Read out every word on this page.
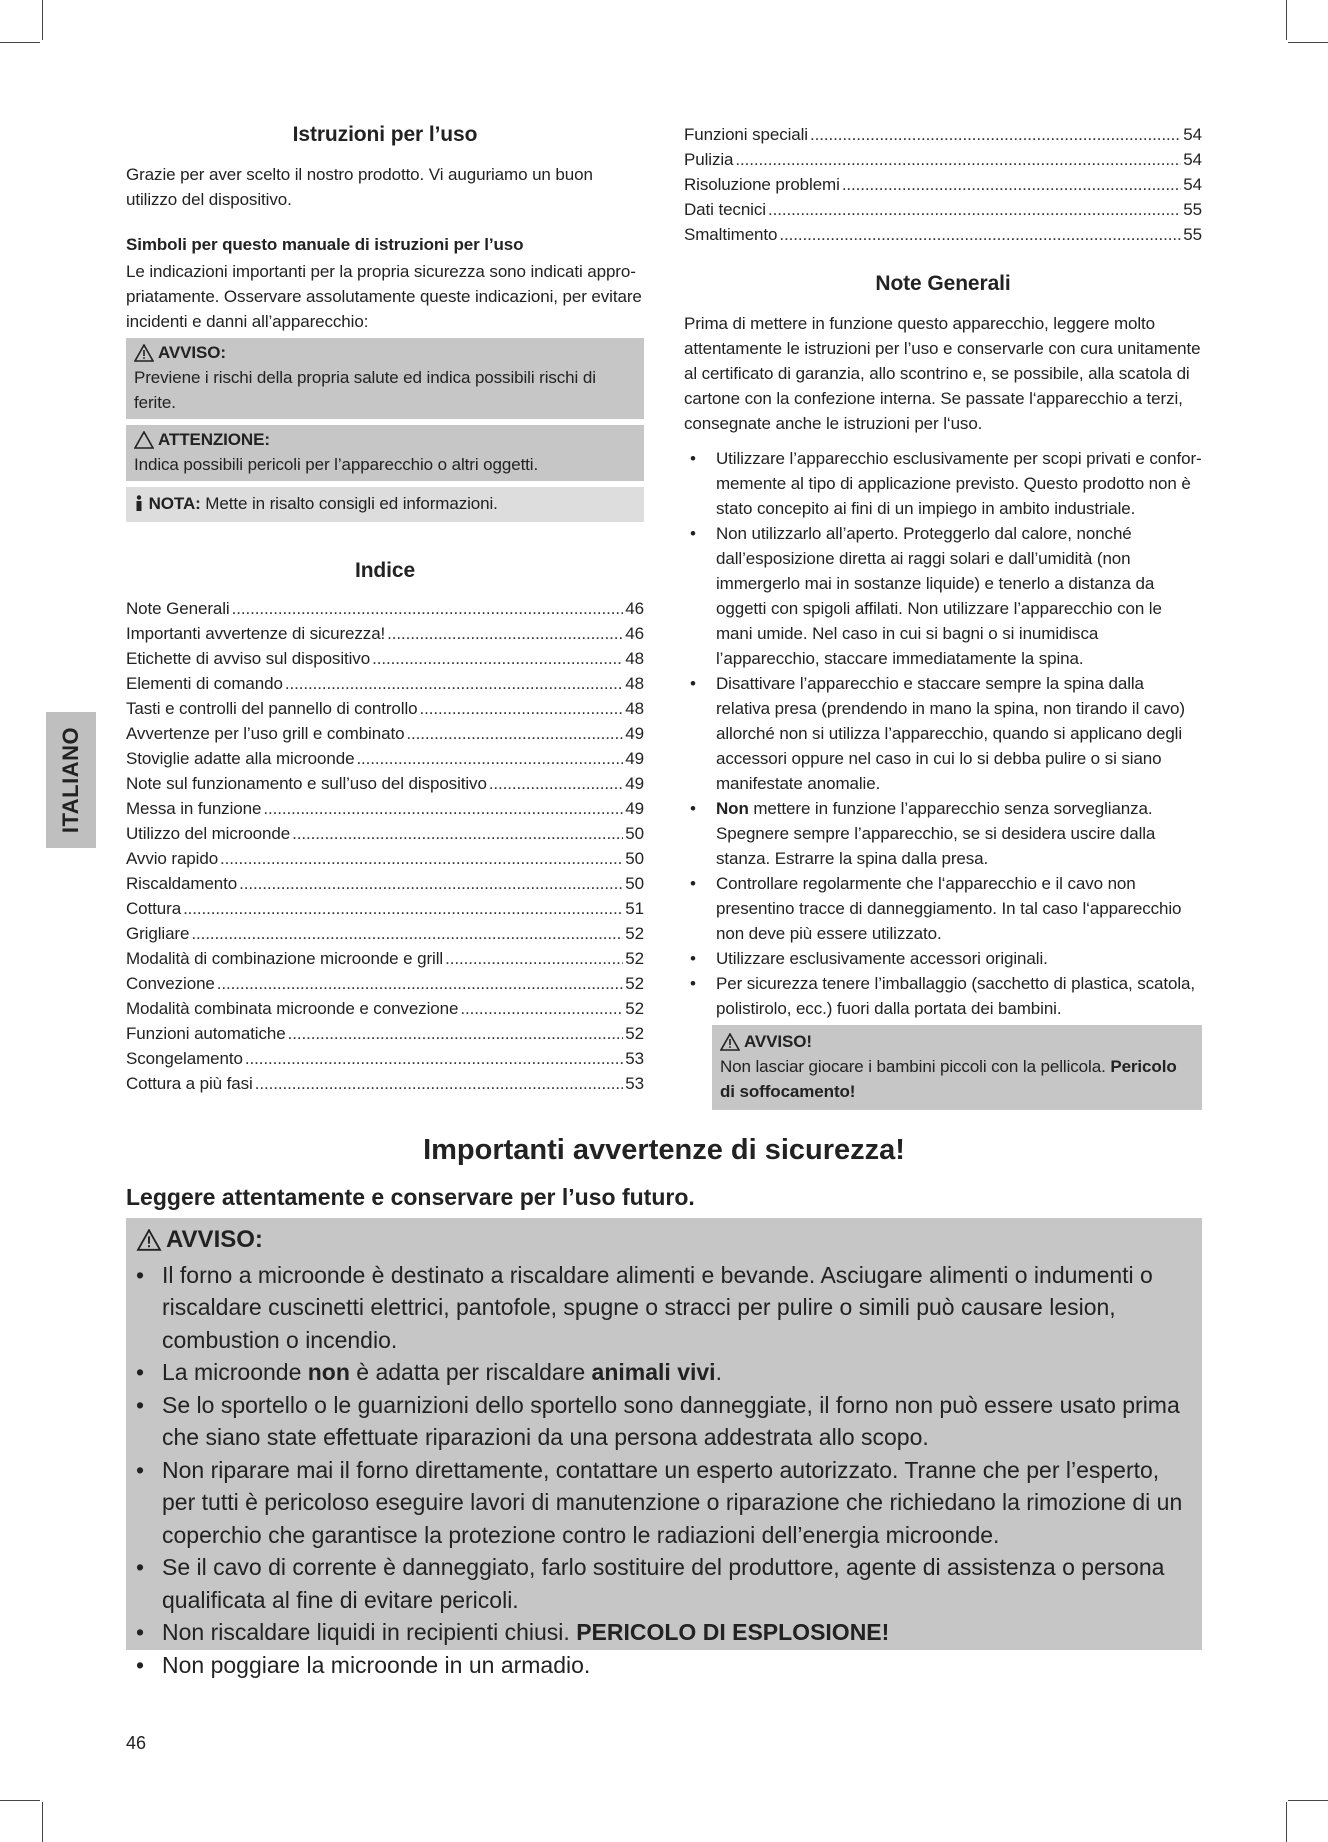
ITALIANO
Istruzioni per l’uso

Grazie per aver scelto il nostro prodotto. Vi auguriamo un buon utilizzo del dispositivo.

Simboli per questo manuale di istruzioni per l’uso

Le indicazioni importanti per la propria sicurezza sono indicati appropriatamente. Osservare assolutamente queste indicazioni, per evitare incidenti e danni all’apparecchio:

AVVISO:
Previene i rischi della propria salute ed indica possibili rischi di ferite.
ATTENZIONE:
Indica possibili pericoli per l’apparecchio o altri oggetti.
NOTA: Mette in risalto consigli ed informazioni.
Indice
Note Generali .....	46
Importanti avvertenze di sicurezza! .....	46
Etichette di avviso sul dispositivo .....	48
Elementi di comando .....	48
Tasti e controlli del pannello di controllo .....	48
Avvertenze per l’uso grill e combinato .....	49
Stoviglie adatte alla microonde .....	49
Note sul funzionamento e sull’uso del dispositivo .....	49
Messa in funzione .....	49
Utilizzo del microonde .....	50
Avvio rapido .....	50
Riscaldamento .....	50
Cottura .....	51
Grigliare .....	52
Modalità di combinazione microonde e grill .....	52
Convezione .....	52
Modalità combinata microonde e convezione .....	52
Funzioni automatiche .....	52
Scongelamento .....	53
Cottura a più fasi .....	53
Funzioni speciali .....	54
Pulizia .....	54
Risoluzione problemi .....	54
Dati tecnici .....	55
Smaltimento .....	55
Note Generali

Prima di mettere in funzione questo apparecchio, leggere molto attentamente le istruzioni per l’uso e conservarle con cura unitamente al certificato di garanzia, allo scontrino e, se possibile, alla scatola di cartone con la confezione interna. Se passate l‘apparecchio a terzi, consegnate anche le istruzioni per l‘uso.

• Utilizzare l’apparecchio esclusivamente per scopi privati e conformemente al tipo di applicazione previsto. Questo prodotto non è stato concepito ai fini di un impiego in ambito industriale.
• Non utilizzarlo all’aperto. Proteggerlo dal calore, nonché dall’esposizione diretta ai raggi solari e dall’umidità (non immergerlo mai in sostanze liquide) e tenerlo a distanza da oggetti con spigoli affilati. Non utilizzare l’apparecchio con le mani umide. Nel caso in cui si bagni o si inumidisca l’apparecchio, staccare immediatamente la spina.
• Disattivare l’apparecchio e staccare sempre la spina dalla relativa presa (prendendo in mano la spina, non tirando il cavo) allorché non si utilizza l’apparecchio, quando si applicano degli accessori oppure nel caso in cui lo si debba pulire o si siano manifestate anomalie.
• Non mettere in funzione l’apparecchio senza sorveglianza. Spegnere sempre l’apparecchio, se si desidera uscire dalla stanza. Estrarre la spina dalla presa.
• Controllare regolarmente che l‘apparecchio e il cavo non presentino tracce di danneggiamento. In tal caso l‘apparecchio non deve più essere utilizzato.
• Utilizzare esclusivamente accessori originali.
• Per sicurezza tenere l’imballaggio (sacchetto di plastica, scatola, polistirolo, ecc.) fuori dalla portata dei bambini.
AVVISO!
Non lasciar giocare i bambini piccoli con la pellicola. Pericolo di soffocamento!
Importanti avvertenze di sicurezza!
Leggere attentamente e conservare per l’uso futuro.
AVVISO:
• Il forno a microonde è destinato a riscaldare alimenti e bevande. Asciugare alimenti o indumenti o riscaldare cuscinetti elettrici, pantofole, spugne o stracci per pulire o simili può causare lesion, combustion o incendio.
• La microonde non è adatta per riscaldare animali vivi.
• Se lo sportello o le guarnizioni dello sportello sono danneggiate, il forno non può essere usato prima che siano state effettuate riparazioni da una persona addestrata allo scopo.
• Non riparare mai il forno direttamente, contattare un esperto autorizzato. Tranne che per l’esperto, per tutti è pericoloso eseguire lavori di manutenzione o riparazione che richiedano la rimozione di un coperchio che garantisce la protezione contro le radiazioni dell’energia microonde.
• Se il cavo di corrente è danneggiato, farlo sostituire del produttore, agente di assistenza o persona qualificata al fine di evitare pericoli.
• Non riscaldare liquidi in recipienti chiusi. PERICOLO DI ESPLOSIONE!
• Non poggiare la microonde in un armadio.
46
